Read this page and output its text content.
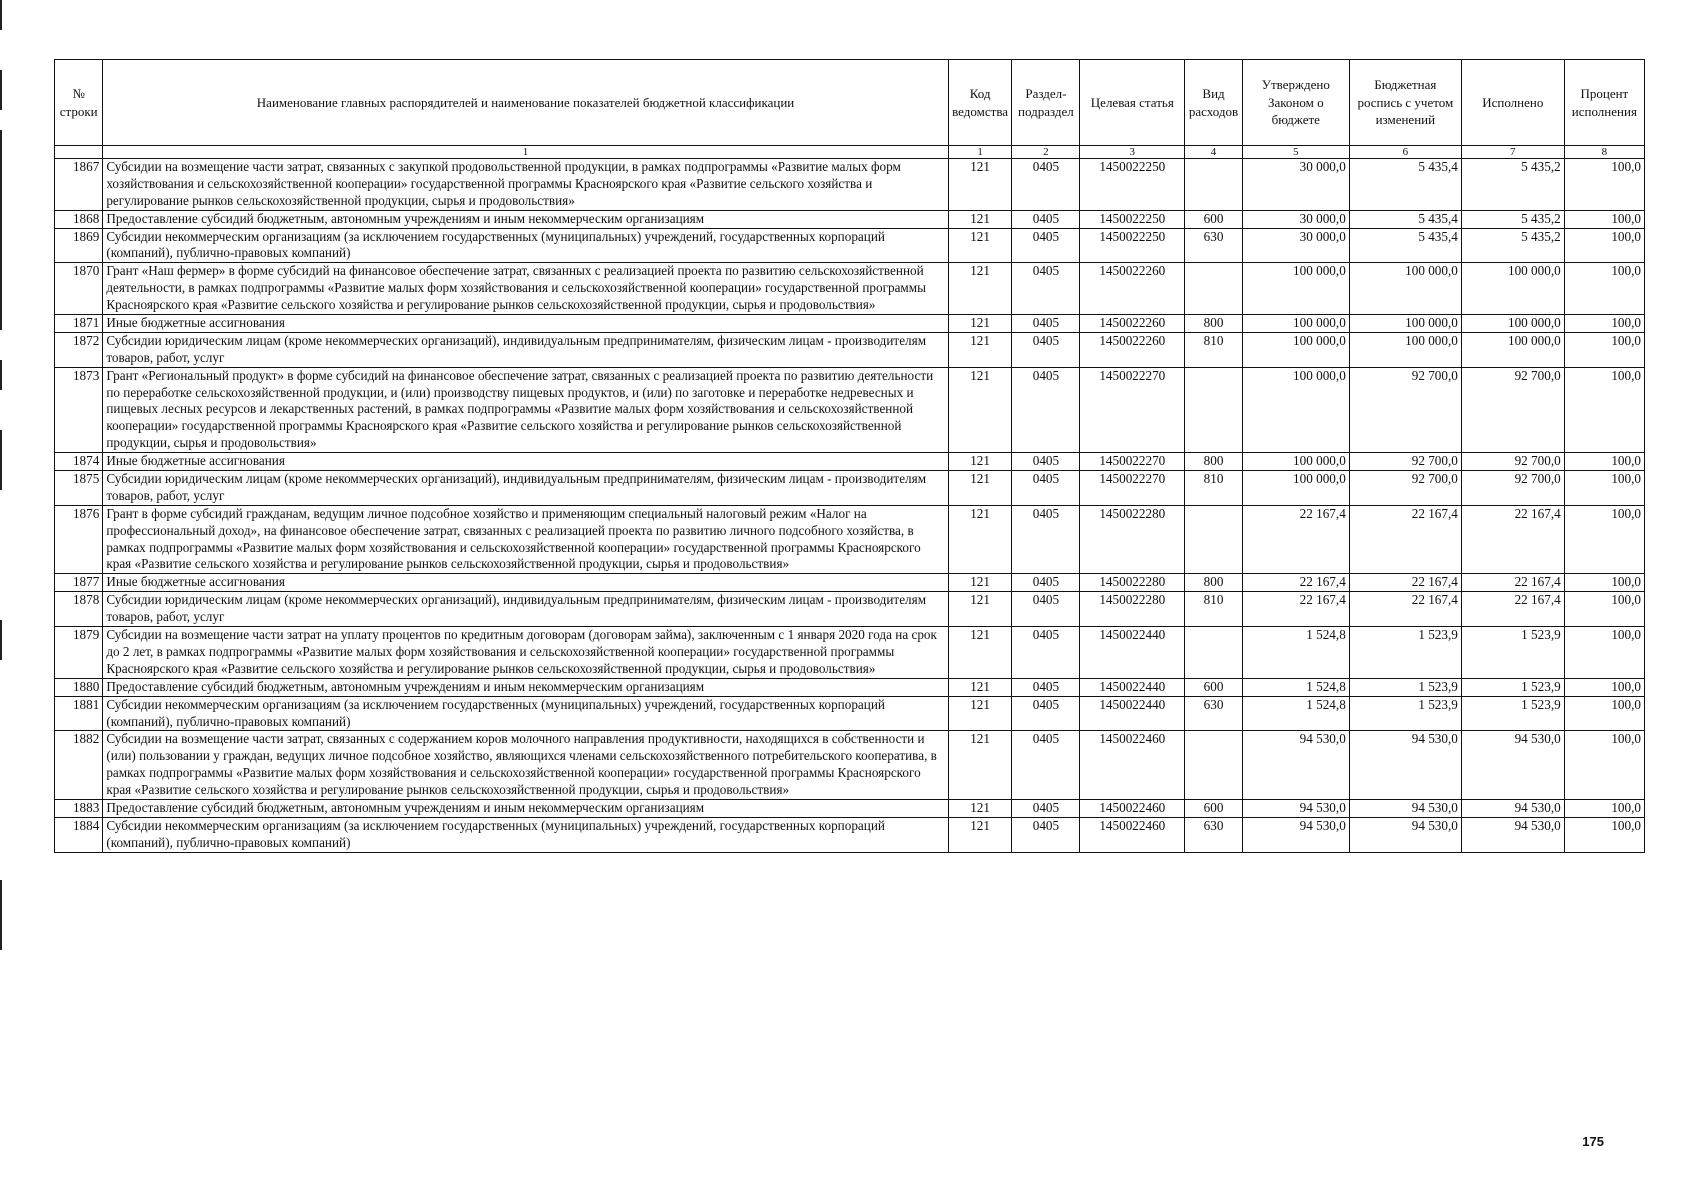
№ строки	Наименование главных распорядителей и наименование показателей бюджетной классификации	Код ведомства	Раздел-подраздел	Целевая статья	Вид расходов	Утверждено Законом о бюджете	Бюджетная роспись с учетом изменений	Исполнено	Процент исполнения
	1	1	2	3	4	5	6	7	8
1867	Субсидии на возмещение части затрат, связанных с закупкой продовольственной продукции, в рамках подпрограммы «Развитие малых форм хозяйствования и сельскохозяйственной кооперации» государственной программы Красноярского края «Развитие сельского хозяйства и регулирование рынков сельскохозяйственной продукции, сырья и продовольствия»	121	0405	1450022250		30 000,0	5 435,4	5 435,2	100,0
1868	Предоставление субсидий бюджетным, автономным учреждениям и иным некоммерческим организациям	121	0405	1450022250	600	30 000,0	5 435,4	5 435,2	100,0
1869	Субсидии некоммерческим организациям (за исключением государственных (муниципальных) учреждений, государственных корпораций (компаний), публично-правовых компаний)	121	0405	1450022250	630	30 000,0	5 435,4	5 435,2	100,0
1870	Грант «Наш фермер» в форме субсидий на финансовое обеспечение затрат, связанных с реализацией проекта по развитию сельскохозяйственной деятельности, в рамках подпрограммы «Развитие малых форм хозяйствования и сельскохозяйственной кооперации» государственной программы Красноярского края «Развитие сельского хозяйства и регулирование рынков сельскохозяйственной продукции, сырья и продовольствия»	121	0405	1450022260		100 000,0	100 000,0	100 000,0	100,0
1871	Иные бюджетные ассигнования	121	0405	1450022260	800	100 000,0	100 000,0	100 000,0	100,0
1872	Субсидии юридическим лицам (кроме некоммерческих организаций), индивидуальным предпринимателям, физическим лицам - производителям товаров, работ, услуг	121	0405	1450022260	810	100 000,0	100 000,0	100 000,0	100,0
1873	Грант «Региональный продукт» в форме субсидий на финансовое обеспечение затрат, связанных с реализацией проекта по развитию деятельности по переработке сельскохозяйственной продукции, и (или) производству пищевых продуктов, и (или) по заготовке и переработке недревесных и пищевых лесных ресурсов и лекарственных растений, в рамках подпрограммы «Развитие малых форм хозяйствования и сельскохозяйственной кооперации» государственной программы Красноярского края «Развитие сельского хозяйства и регулирование рынков сельскохозяйственной продукции, сырья и продовольствия»	121	0405	1450022270		100 000,0	92 700,0	92 700,0	100,0
1874	Иные бюджетные ассигнования	121	0405	1450022270	800	100 000,0	92 700,0	92 700,0	100,0
1875	Субсидии юридическим лицам (кроме некоммерческих организаций), индивидуальным предпринимателям, физическим лицам - производителям товаров, работ, услуг	121	0405	1450022270	810	100 000,0	92 700,0	92 700,0	100,0
1876	Грант в форме субсидий гражданам, ведущим личное подсобное хозяйство и применяющим специальный налоговый режим «Налог на профессиональный доход», на финансовое обеспечение затрат, связанных с реализацией проекта по развитию личного подсобного хозяйства, в рамках подпрограммы «Развитие малых форм хозяйствования и сельскохозяйственной кооперации» государственной программы Красноярского края «Развитие сельского хозяйства и регулирование рынков сельскохозяйственной продукции, сырья и продовольствия»	121	0405	1450022280		22 167,4	22 167,4	22 167,4	100,0
1877	Иные бюджетные ассигнования	121	0405	1450022280	800	22 167,4	22 167,4	22 167,4	100,0
1878	Субсидии юридическим лицам (кроме некоммерческих организаций), индивидуальным предпринимателям, физическим лицам - производителям товаров, работ, услуг	121	0405	1450022280	810	22 167,4	22 167,4	22 167,4	100,0
1879	Субсидии на возмещение части затрат на уплату процентов по кредитным договорам (договорам займа), заключенным с 1 января 2020 года на срок до 2 лет, в рамках подпрограммы «Развитие малых форм хозяйствования и сельскохозяйственной кооперации» государственной программы Красноярского края «Развитие сельского хозяйства и регулирование рынков сельскохозяйственной продукции, сырья и продовольствия»	121	0405	1450022440		1 524,8	1 523,9	1 523,9	100,0
1880	Предоставление субсидий бюджетным, автономным учреждениям и иным некоммерческим организациям	121	0405	1450022440	600	1 524,8	1 523,9	1 523,9	100,0
1881	Субсидии некоммерческим организациям (за исключением государственных (муниципальных) учреждений, государственных корпораций (компаний), публично-правовых компаний)	121	0405	1450022440	630	1 524,8	1 523,9	1 523,9	100,0
1882	Субсидии на возмещение части затрат, связанных с содержанием коров молочного направления продуктивности, находящихся в собственности и (или) пользовании у граждан, ведущих личное подсобное хозяйство, являющихся членами сельскохозяйственного потребительского кооператива, в рамках подпрограммы «Развитие малых форм хозяйствования и сельскохозяйственной кооперации» государственной программы Красноярского края «Развитие сельского хозяйства и регулирование рынков сельскохозяйственной продукции, сырья и продовольствия»	121	0405	1450022460		94 530,0	94 530,0	94 530,0	100,0
1883	Предоставление субсидий бюджетным, автономным учреждениям и иным некоммерческим организациям	121	0405	1450022460	600	94 530,0	94 530,0	94 530,0	100,0
1884	Субсидии некоммерческим организациям (за исключением государственных (муниципальных) учреждений, государственных корпораций (компаний), публично-правовых компаний)	121	0405	1450022460	630	94 530,0	94 530,0	94 530,0	100,0
175
